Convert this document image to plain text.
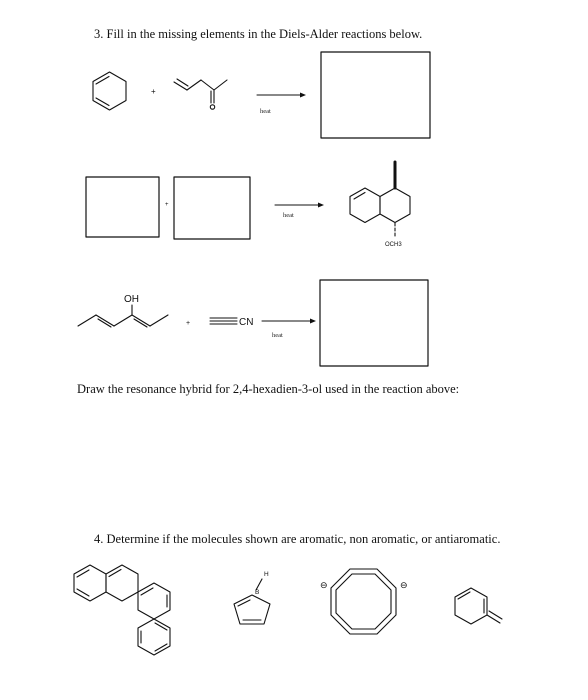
3. Fill in the missing elements in the Diels-Alder reactions below.
+
heat
+
heat
OCH3
OH
+	CN
heat
Draw the resonance hybrid for 2,4-hexadien-3-ol used in the reaction above:
4. Determine if the molecules shown are aromatic, non aromatic, or antiaromatic.
H
B
⊖	⊖
